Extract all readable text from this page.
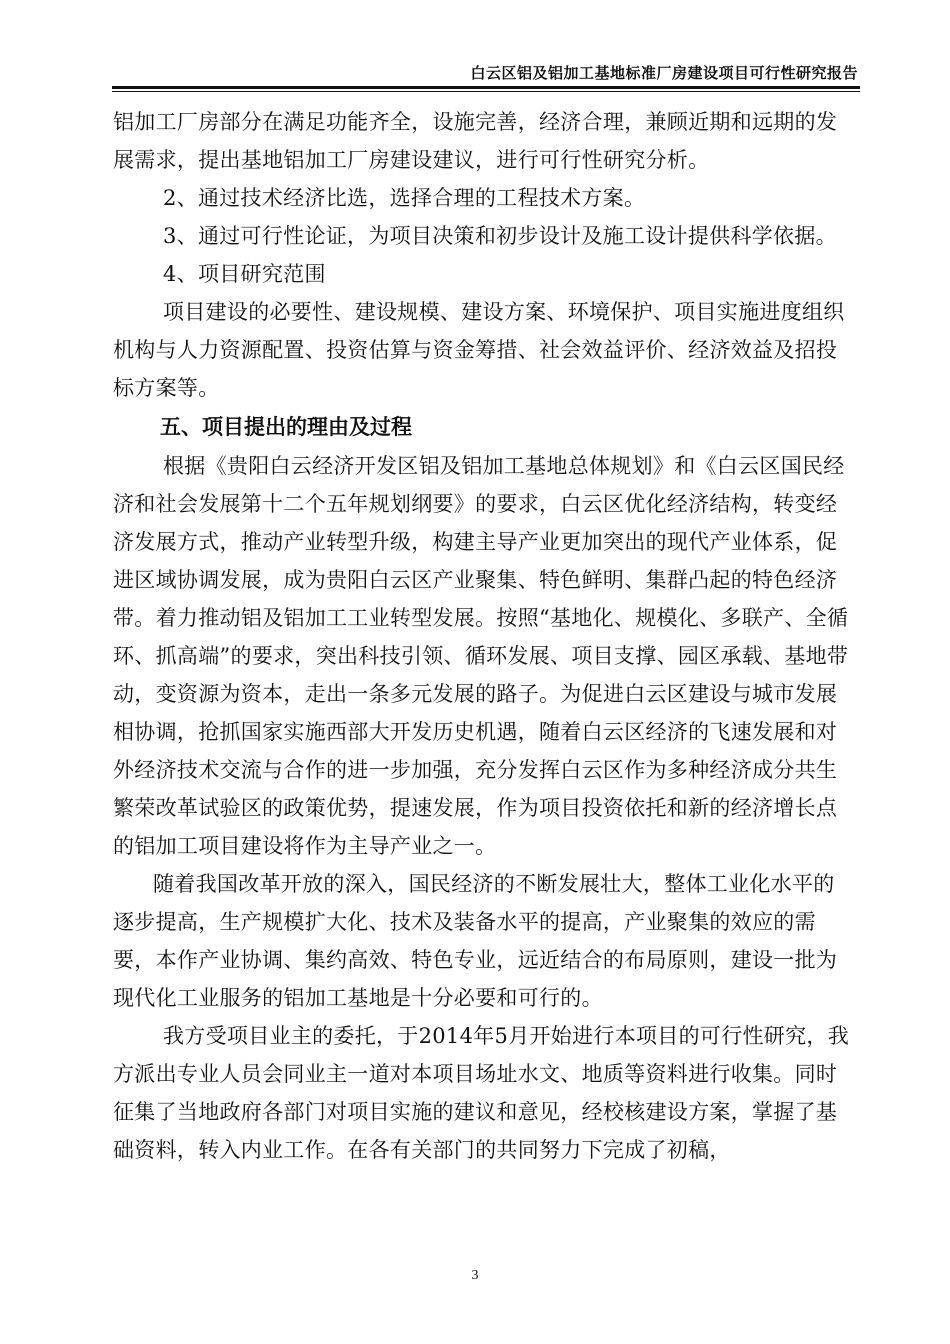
白云区铝及铝加工基地标准厂房建设项目可行性研究报告

铝加工厂房部分在满足功能齐全，设施完善，经济合理，兼顾近期和远期的发展需求，提出基地铝加工厂房建设建议，进行可行性研究分析。

2、通过技术经济比选，选择合理的工程技术方案。

3、通过可行性论证，为项目决策和初步设计及施工设计提供科学依据。

4、项目研究范围

项目建设的必要性、建设规模、建设方案、环境保护、项目实施进度组织机构与人力资源配置、投资估算与资金筹措、社会效益评价、经济效益及招投标方案等。

五、项目提出的理由及过程

根据《贵阳白云经济开发区铝及铝加工基地总体规划》和《白云区国民经济和社会发展第十二个五年规划纲要》的要求，白云区优化经济结构，转变经济发展方式，推动产业转型升级，构建主导产业更加突出的现代产业体系，促进区域协调发展，成为贵阳白云区产业聚集、特色鲜明、集群凸起的特色经济带。着力推动铝及铝加工工业转型发展。按照“基地化、规模化、多联产、全循环、抓高端”的要求，突出科技引领、循环发展、项目支撑、园区承载、基地带动，变资源为资本，走出一条多元发展的路子。为促进白云区建设与城市发展相协调，抢抓国家实施西部大开发历史机遇，随着白云区经济的飞速发展和对外经济技术交流与合作的进一步加强，充分发挥白云区作为多种经济成分共生繁荣改革试验区的政策优势，提速发展，作为项目投资依托和新的经济增长点的铝加工项目建设将作为主导产业之一。

随着我国改革开放的深入，国民经济的不断发展壮大，整体工业化水平的逐步提高，生产规模扩大化、技术及装备水平的提高，产业聚集的效应的需要，本作产业协调、集约高效、特色专业，远近结合的布局原则，建设一批为现代化工业服务的铝加工基地是十分必要和可行的。

我方受项目业主的委托，于2014年5月开始进行本项目的可行性研究，我方派出专业人员会同业主一道对本项目场址水文、地质等资料进行收集。同时征集了当地政府各部门对项目实施的建议和意见，经校核建设方案，掌握了基础资料，转入内业工作。在各有关部门的共同努力下完成了初稿，

3
